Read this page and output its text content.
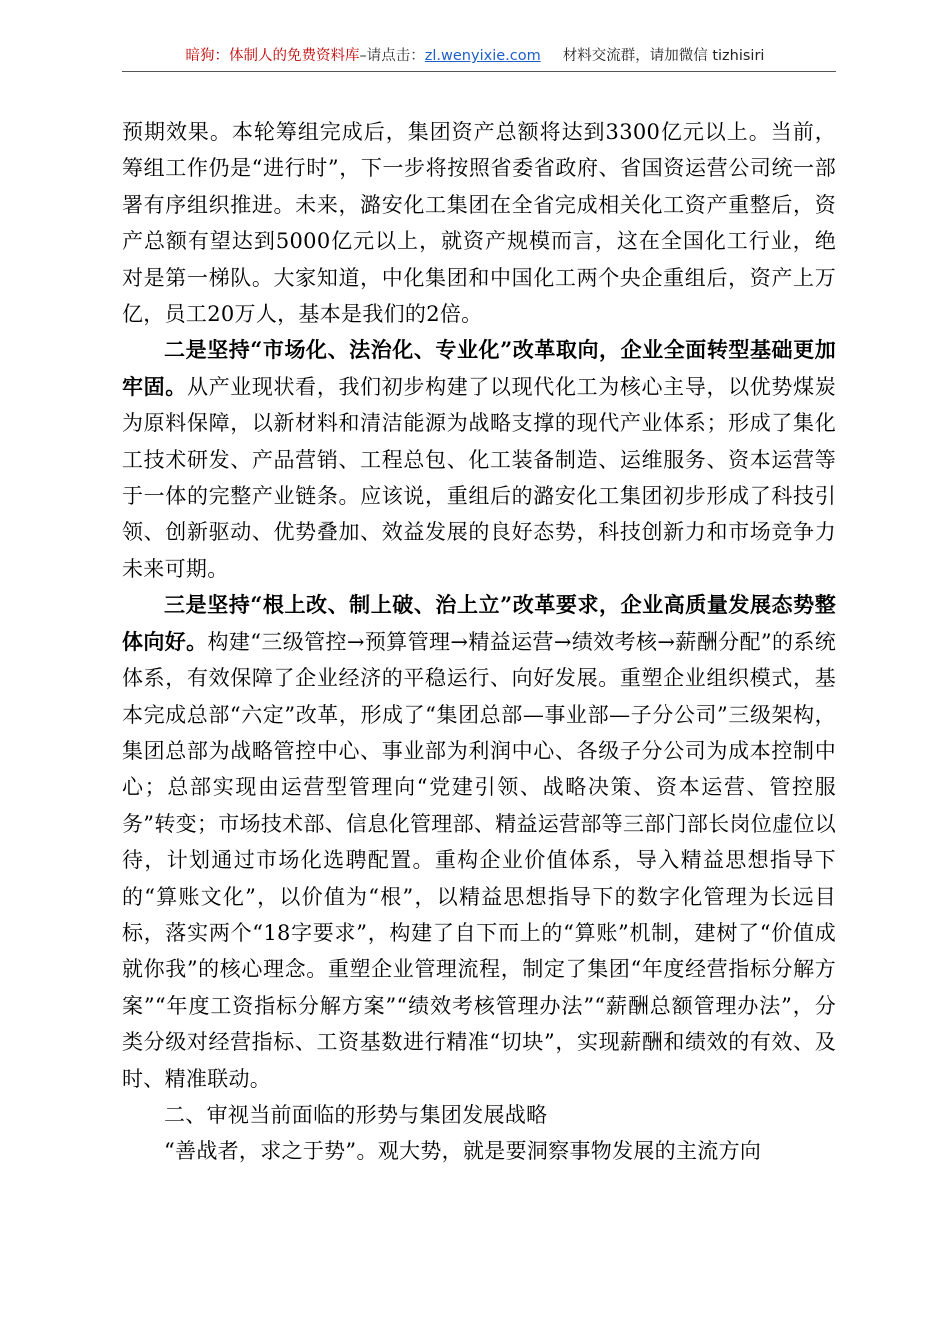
暗狗：体制人的免费资料库–请点击：zl.wenyixie.com 材料交流群，请加微信 tizhisiri

预期效果。本轮筹组完成后，集团资产总额将达到3300亿元以上。当前，筹组工作仍是“进行时”，下一步将按照省委省政府、省国资运营公司统一部署有序组织推进。未来，潞安化工集团在全省完成相关化工资产重整后，资产总额有望达到5000亿元以上，就资产规模而言，这在全国化工行业，绝对是第一梯队。大家知道，中化集团和中国化工两个央企重组后，资产上万亿，员工20万人，基本是我们的2倍。

二是坚持“市场化、法治化、专业化”改革取向，企业全面转型基础更加牢固。从产业现状看，我们初步构建了以现代化工为核心主导，以优势煤炭为原料保障，以新材料和清洁能源为战略支撑的现代产业体系；形成了集化工技术研发、产品营销、工程总包、化工装备制造、运维服务、资本运营等于一体的完整产业链条。应该说，重组后的潞安化工集团初步形成了科技引领、创新驱动、优势叠加、效益发展的良好态势，科技创新力和市场竞争力未来可期。

三是坚持“根上改、制上破、治上立”改革要求，企业高质量发展态势整体向好。构建“三级管控→预算管理→精益运营→绩效考核→薪酬分配”的系统体系，有效保障了企业经济的平稳运行、向好发展。重塑企业组织模式，基本完成总部“六定”改革，形成了“集团总部—事业部—子分公司”三级架构，集团总部为战略管控中心、事业部为利润中心、各级子分公司为成本控制中心；总部实现由运营型管理向“党建引领、战略决策、资本运营、管控服务”转变；市场技术部、信息化管理部、精益运营部等三部门部长岗位虚位以待，计划通过市场化选聘配置。重构企业价值体系，导入精益思想指导下的“算账文化”，以价值为“根”，以精益思想指导下的数字化管理为长远目标，落实两个“18字要求”，构建了自下而上的“算账”机制，建树了“价值成就你我”的核心理念。重塑企业管理流程，制定了集团“年度经营指标分解方案”“年度工资指标分解方案”“绩效考核管理办法”“薪酬总额管理办法”，分类分级对经营指标、工资基数进行精准“切块”，实现薪酬和绩效的有效、及时、精准联动。

二、审视当前面临的形势与集团发展战略

“善战者，求之于势”。观大势，就是要洞察事物发展的主流方向
